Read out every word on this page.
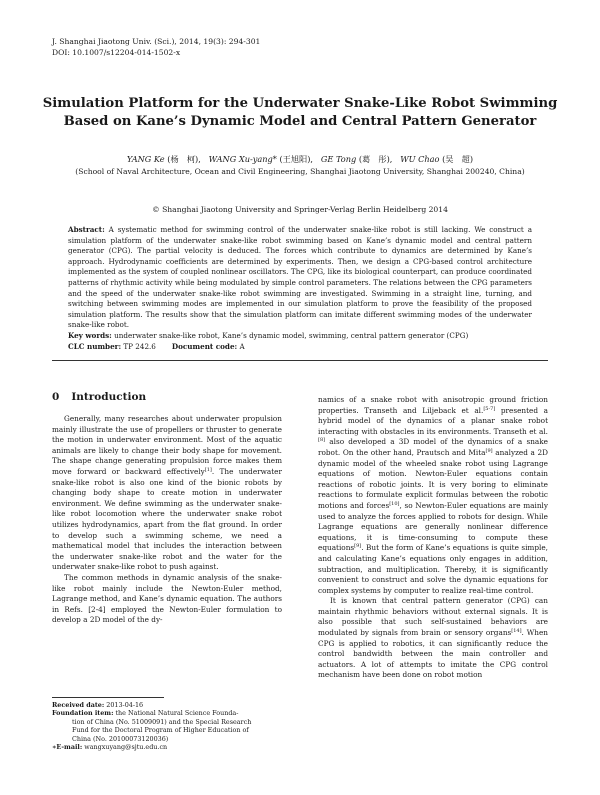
J. Shanghai Jiaotong Univ. (Sci.), 2014, 19(3): 294-301
DOI: 10.1007/s12204-014-1502-x
Simulation Platform for the Underwater Snake-Like Robot Swimming
Based on Kane’s Dynamic Model and Central Pattern Generator
YANG Ke (杨　柯), WANG Xu-yang* (王旭阳), GE Tong (葛　彤), WU Chao (吴　超)
(School of Naval Architecture, Ocean and Civil Engineering, Shanghai Jiaotong University, Shanghai 200240, China)
© Shanghai Jiaotong University and Springer-Verlag Berlin Heidelberg 2014
Abstract: A systematic method for swimming control of the underwater snake-like robot is still lacking. We construct a simulation platform of the underwater snake-like robot swimming based on Kane’s dynamic model and central pattern generator (CPG). The partial velocity is deduced. The forces which contribute to dynamics are determined by Kane’s approach. Hydrodynamic coefficients are determined by experiments. Then, we design a CPG-based control architecture implemented as the system of coupled nonlinear oscillators. The CPG, like its biological counterpart, can produce coordinated patterns of rhythmic activity while being modulated by simple control parameters. The relations between the CPG parameters and the speed of the underwater snake-like robot swimming are investigated. Swimming in a straight line, turning, and switching between swimming modes are implemented in our simulation platform to prove the feasibility of the proposed simulation platform. The results show that the simulation platform can imitate different swimming modes of the underwater snake-like robot.
Key words: underwater snake-like robot, Kane’s dynamic model, swimming, central pattern generator (CPG)
CLC number: TP 242.6 Document code: A
0 Introduction

Generally, many researches about underwater propulsion mainly illustrate the use of propellers or thruster to generate the motion in underwater environment. Most of the aquatic animals are likely to change their body shape for movement. The shape change generating propulsion force makes them move forward or backward effectively[1]. The underwater snake-like robot is also one kind of the bionic robots by changing body shape to create motion in underwater environment. We define swimming as the underwater snake-like robot locomotion where the underwater snake robot utilizes hydrodynamics, apart from the flat ground. In order to develop such a swimming scheme, we need a mathematical model that includes the interaction between the underwater snake-like robot and the water for the underwater snake-like robot to push against.

The common methods in dynamic analysis of the snake-like robot mainly include the Newton-Euler method, Lagrange method, and Kane’s dynamic equation. The authors in Refs. [2-4] employed the Newton-Euler formulation to develop a 2D model of the dy-

namics of a snake robot with anisotropic ground friction properties. Transeth and Liljeback et al.[5-7] presented a hybrid model of the dynamics of a planar snake robot interacting with obstacles in its environments. Transeth et al.[8] also developed a 3D model of the dynamics of a snake robot. On the other hand, Prautsch and Mita[9] analyzed a 2D dynamic model of the wheeled snake robot using Lagrange equations of motion. Newton-Euler equations contain reactions of robotic joints. It is very boring to eliminate reactions to formulate explicit formulas between the robotic motions and forces[10], so Newton-Euler equations are mainly used to analyze the forces applied to robots for design. While Lagrange equations are generally nonlinear difference equations, it is time-consuming to compute these equations[9]. But the form of Kane’s equations is quite simple, and calculating Kane’s equations only engages in addition, subtraction, and multiplication. Thereby, it is significantly convenient to construct and solve the dynamic equations for complex systems by computer to realize real-time control.

It is known that central pattern generator (CPG) can maintain rhythmic behaviors without external signals. It is also possible that such self-sustained behaviors are modulated by signals from brain or sensory organs[14]. When CPG is applied to robotics, it can significantly reduce the control bandwidth between the main controller and actuators. A lot of attempts to imitate the CPG control mechanism have been done on robot motion

Received date: 2013-04-16
Foundation item: the National Natural Science Founda-
tion of China (No. 51009091) and the Special Research
Fund for the Doctoral Program of Higher Education of
China (No. 20100073120036)
∗E-mail: wangxuyang@sjtu.edu.cn
